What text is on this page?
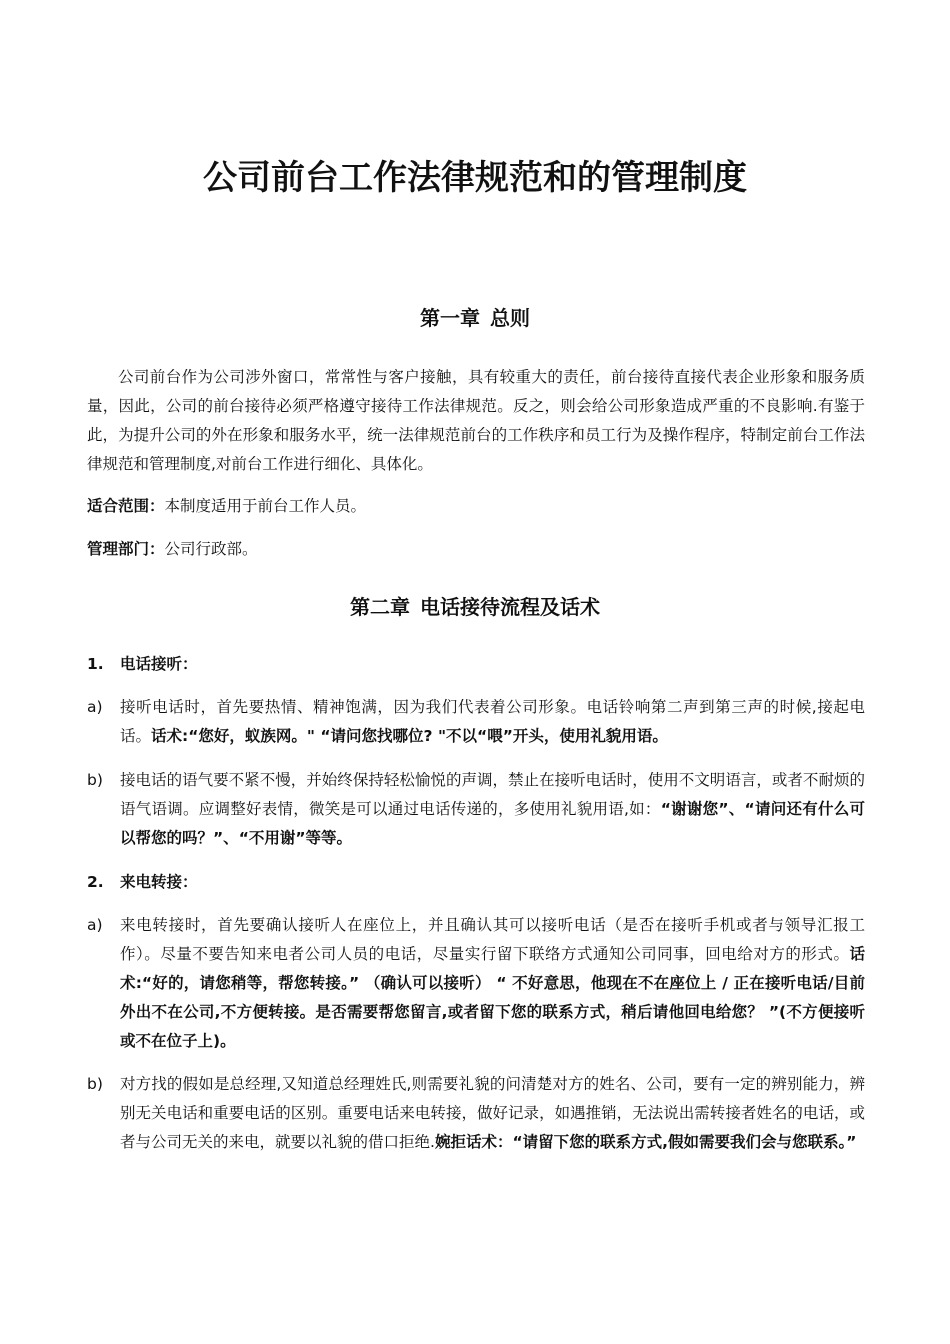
公司前台工作法律规范和的管理制度
第一章 总则

公司前台作为公司涉外窗口，常常性与客户接触，具有较重大的责任，前台接待直接代表企业形象和服务质量，因此，公司的前台接待必须严格遵守接待工作法律规范。反之，则会给公司形象造成严重的不良影响.有鉴于此，为提升公司的外在形象和服务水平，统一法律规范前台的工作秩序和员工行为及操作程序，特制定前台工作法律规范和管理制度,对前台工作进行细化、具体化。

适合范围：本制度适用于前台工作人员。

管理部门：公司行政部。

第二章 电话接待流程及话术

1. 电话接听：

a) 接听电话时，首先要热情、精神饱满，因为我们代表着公司形象。电话铃响第二声到第三声的时候,接起电话。话术:“您好，蚁族网。" “请问您找哪位? "不以“喂”开头，使用礼貌用语。
b) 接电话的语气要不紧不慢，并始终保持轻松愉悦的声调，禁止在接听电话时，使用不文明语言，或者不耐烦的语气语调。应调整好表情，微笑是可以通过电话传递的，多使用礼貌用语,如：“谢谢您”、“请问还有什么可以帮您的吗？”、“不用谢”等等。

2. 来电转接：

a) 来电转接时，首先要确认接听人在座位上，并且确认其可以接听电话（是否在接听手机或者与领导汇报工作）。尽量不要告知来电者公司人员的电话，尽量实行留下联络方式通知公司同事，回电给对方的形式。话术:“好的，请您稍等，帮您转接。” （确认可以接听） “ 不好意思，他现在不在座位上 / 正在接听电话/目前外出不在公司,不方便转接。是否需要帮您留言,或者留下您的联系方式，稍后请他回电给您？ ”(不方便接听或不在位子上)。
b) 对方找的假如是总经理,又知道总经理姓氏,则需要礼貌的问清楚对方的姓名、公司，要有一定的辨别能力，辨别无关电话和重要电话的区别。重要电话来电转接，做好记录，如遇推销，无法说出需转接者姓名的电话，或者与公司无关的来电，就要以礼貌的借口拒绝.婉拒话术：“请留下您的联系方式,假如需要我们会与您联系。”
